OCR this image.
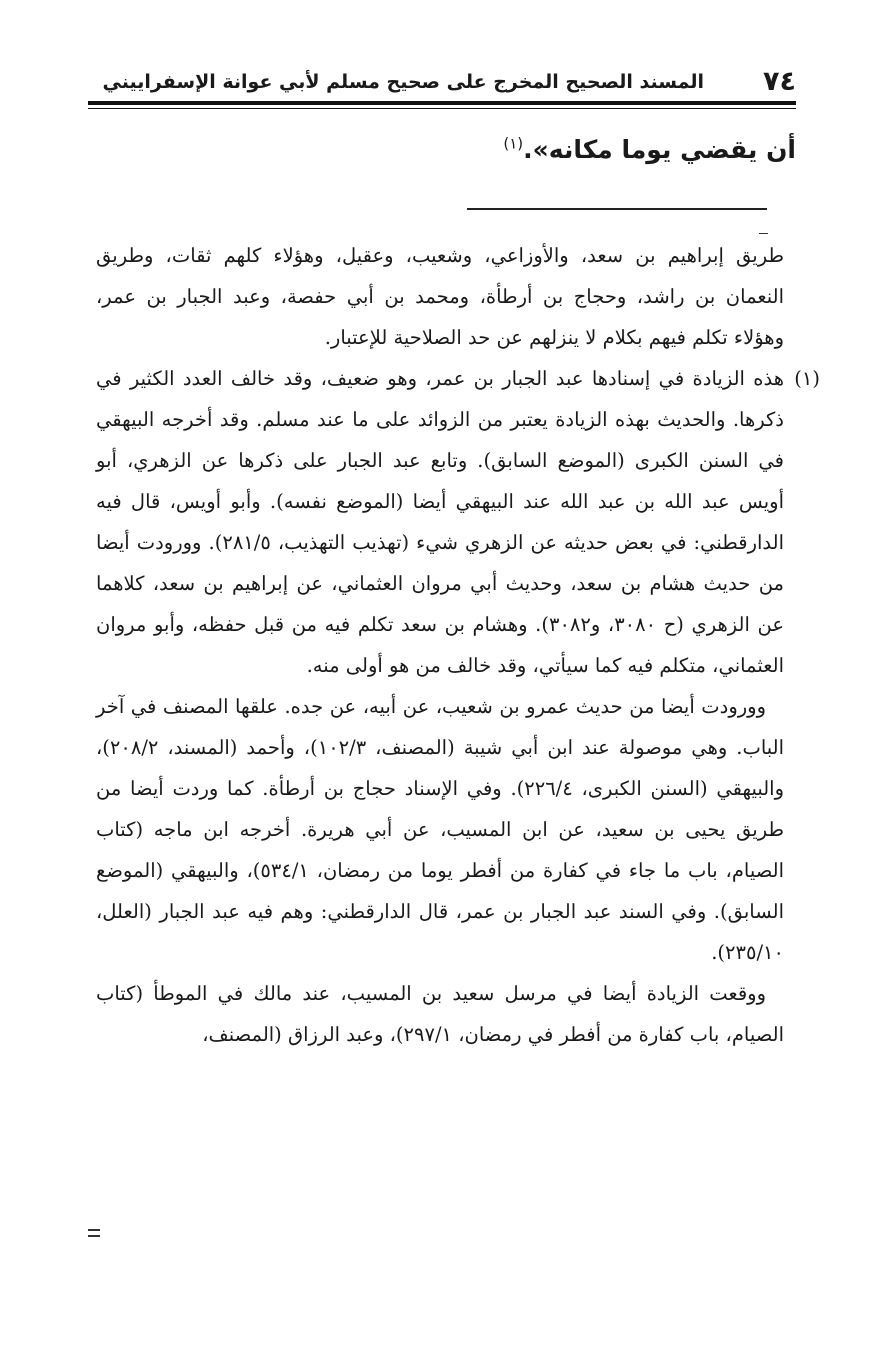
٧٤
المسند الصحيح المخرج على صحيح مسلم لأبي عوانة الإسفراييني
أن يقضي يوما مكانه».$^{(١)}$

طريق إبراهيم بن سعد، والأوزاعي، وشعيب، وعقيل، وهؤلاء كلهم ثقات، وطريق النعمان بن راشد، وحجاج بن أرطأة، ومحمد بن أبي حفصة، وعبد الجبار بن عمر، وهؤلاء تكلم فيهم بكلام لا ينزلهم عن حد الصلاحية للإعتبار.

(١)

هذه الزيادة في إسنادها عبد الجبار بن عمر، وهو ضعيف، وقد خالف العدد الكثير في ذكرها. والحديث بهذه الزيادة يعتبر من الزوائد على ما عند مسلم. وقد أخرجه البيهقي في السنن الكبرى (الموضع السابق). وتابع عبد الجبار على ذكرها عن الزهري، أبو أويس عبد الله بن عبد الله عند البيهقي أيضا (الموضع نفسه). وأبو أويس، قال فيه الدارقطني: في بعض حديثه عن الزهري شيء (تهذيب التهذيب، ٢٨١/٥). وورودت أيضا من حديث هشام بن سعد، وحديث أبي مروان العثماني، عن إبراهيم بن سعد، كلاهما عن الزهري (ح ٣٠٨٠، و٣٠٨٢). وهشام بن سعد تكلم فيه من قبل حفظه، وأبو مروان العثماني، متكلم فيه كما سيأتي، وقد خالف من هو أولى منه.

وورودت أيضا من حديث عمرو بن شعيب، عن أبيه، عن جده. علقها المصنف في آخر الباب. وهي موصولة عند ابن أبي شيبة (المصنف، ١٠٢/٣)، وأحمد (المسند، ٢٠٨/٢)، والبيهقي (السنن الكبرى، ٢٢٦/٤). وفي الإسناد حجاج بن أرطأة. كما وردت أيضا من طريق يحيى بن سعيد، عن ابن المسيب، عن أبي هريرة. أخرجه ابن ماجه (كتاب الصيام، باب ما جاء في كفارة من أفطر يوما من رمضان، ٥٣٤/١)، والبيهقي (الموضع السابق). وفي السند عبد الجبار بن عمر، قال الدارقطني: وهم فيه عبد الجبار (العلل، ٢٣٥/١٠).

ووقعت الزيادة أيضا في مرسل سعيد بن المسيب، عند مالك في الموطأ (كتاب الصيام، باب كفارة من أفطر في رمضان، ٢٩٧/١)، وعبد الرزاق (المصنف،
